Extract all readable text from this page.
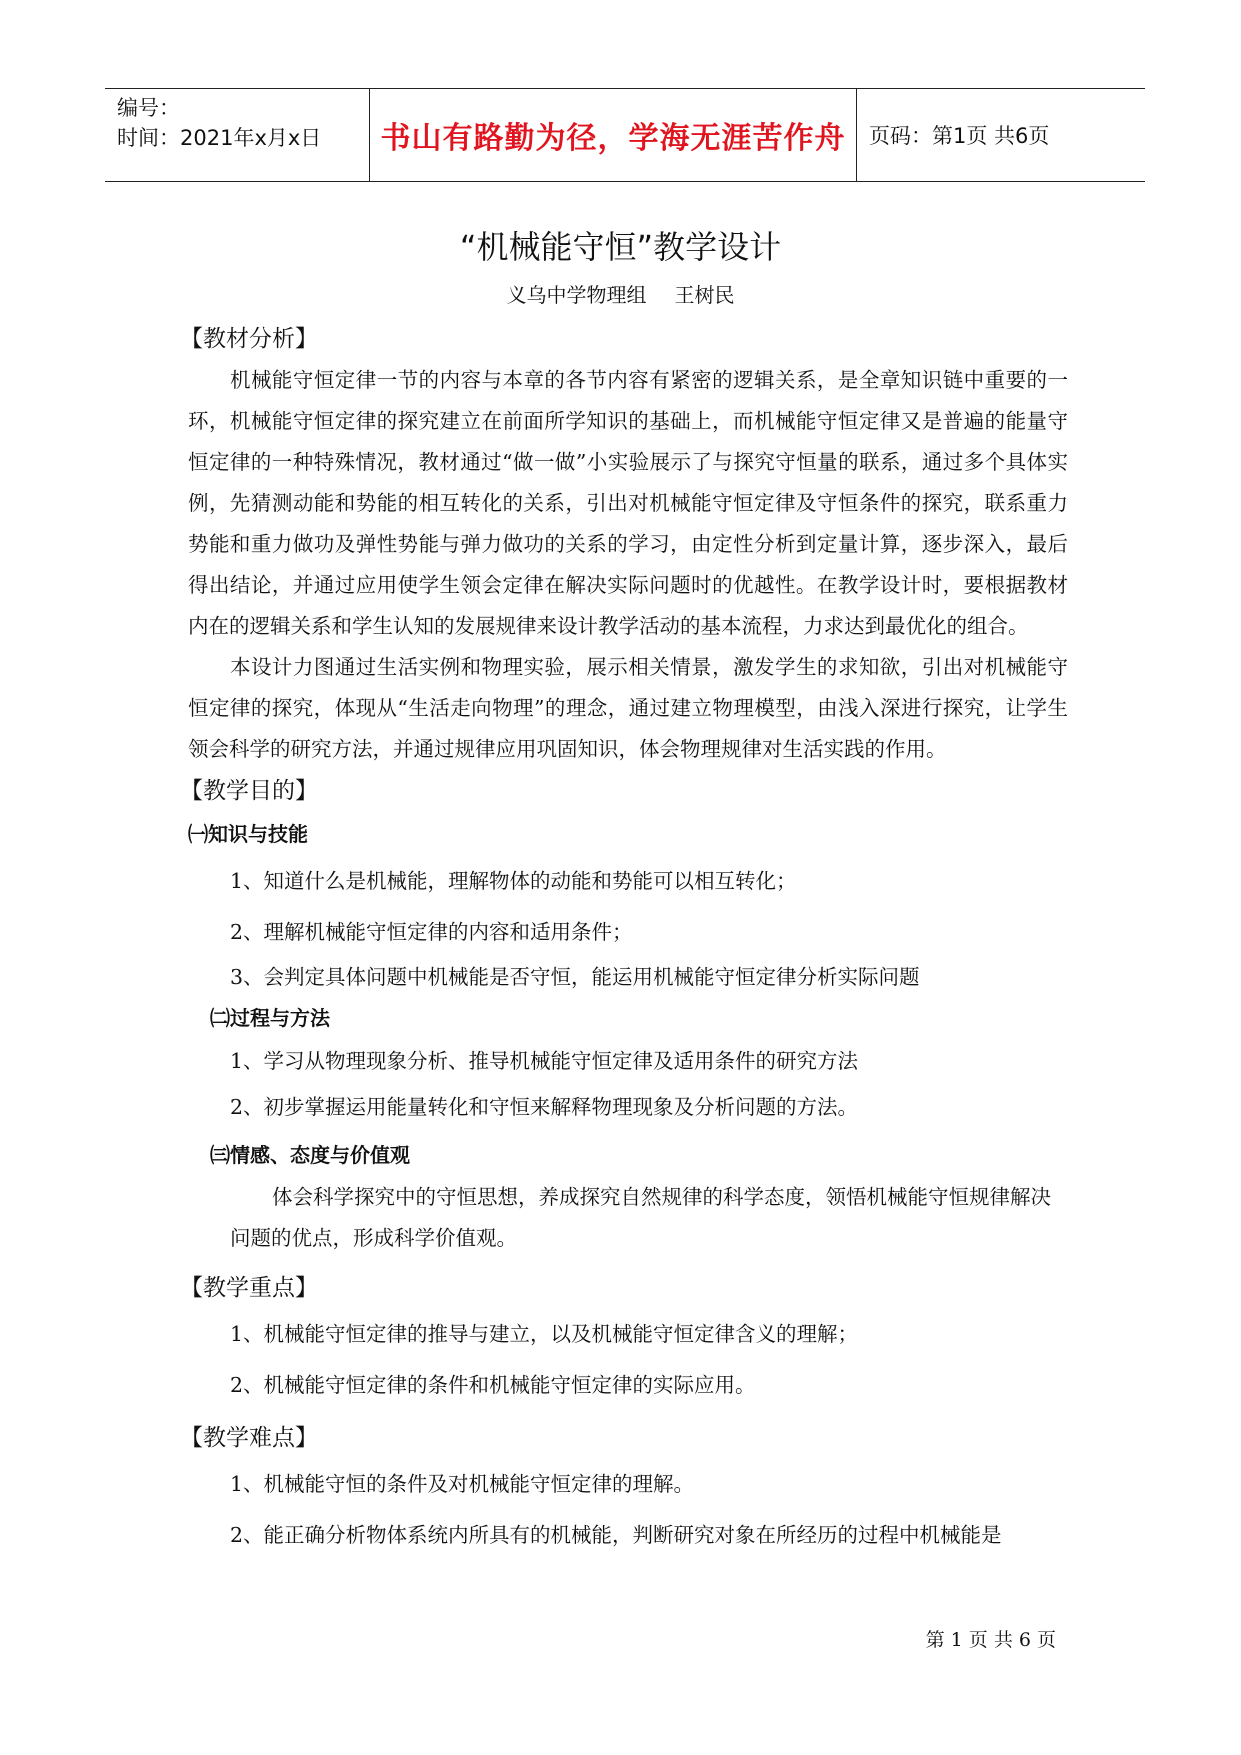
编号：
时间：2021年x月x日	书山有路勤为径，学海无涯苦作舟	页码：第1页 共6页
“机械能守恒”教学设计
义乌中学物理组 王树民
【教材分析】

机械能守恒定律一节的内容与本章的各节内容有紧密的逻辑关系，是全章知识链中重要的一环，机械能守恒定律的探究建立在前面所学知识的基础上，而机械能守恒定律又是普遍的能量守恒定律的一种特殊情况，教材通过“做一做”小实验展示了与探究守恒量的联系，通过多个具体实例，先猜测动能和势能的相互转化的关系，引出对机械能守恒定律及守恒条件的探究，联系重力势能和重力做功及弹性势能与弹力做功的关系的学习，由定性分析到定量计算，逐步深入，最后得出结论，并通过应用使学生领会定律在解决实际问题时的优越性。在教学设计时，要根据教材内在的逻辑关系和学生认知的发展规律来设计教学活动的基本流程，力求达到最优化的组合。

本设计力图通过生活实例和物理实验，展示相关情景，激发学生的求知欲，引出对机械能守恒定律的探究，体现从“生活走向物理”的理念，通过建立物理模型，由浅入深进行探究，让学生领会科学的研究方法，并通过规律应用巩固知识，体会物理规律对生活实践的作用。

【教学目的】
㈠知识与技能
1、知道什么是机械能，理解物体的动能和势能可以相互转化；
2、理解机械能守恒定律的内容和适用条件；
3、会判定具体问题中机械能是否守恒，能运用机械能守恒定律分析实际问题
㈡过程与方法
1、学习从物理现象分析、推导机械能守恒定律及适用条件的研究方法
2、初步掌握运用能量转化和守恒来解释物理现象及分析问题的方法。
㈢情感、态度与价值观

体会科学探究中的守恒思想，养成探究自然规律的科学态度，领悟机械能守恒规律解决问题的优点，形成科学价值观。

【教学重点】
1、机械能守恒定律的推导与建立，以及机械能守恒定律含义的理解；
2、机械能守恒定律的条件和机械能守恒定律的实际应用。
【教学难点】
1、机械能守恒的条件及对机械能守恒定律的理解。
2、能正确分析物体系统内所具有的机械能，判断研究对象在所经历的过程中机械能是
第 1 页 共 6 页
